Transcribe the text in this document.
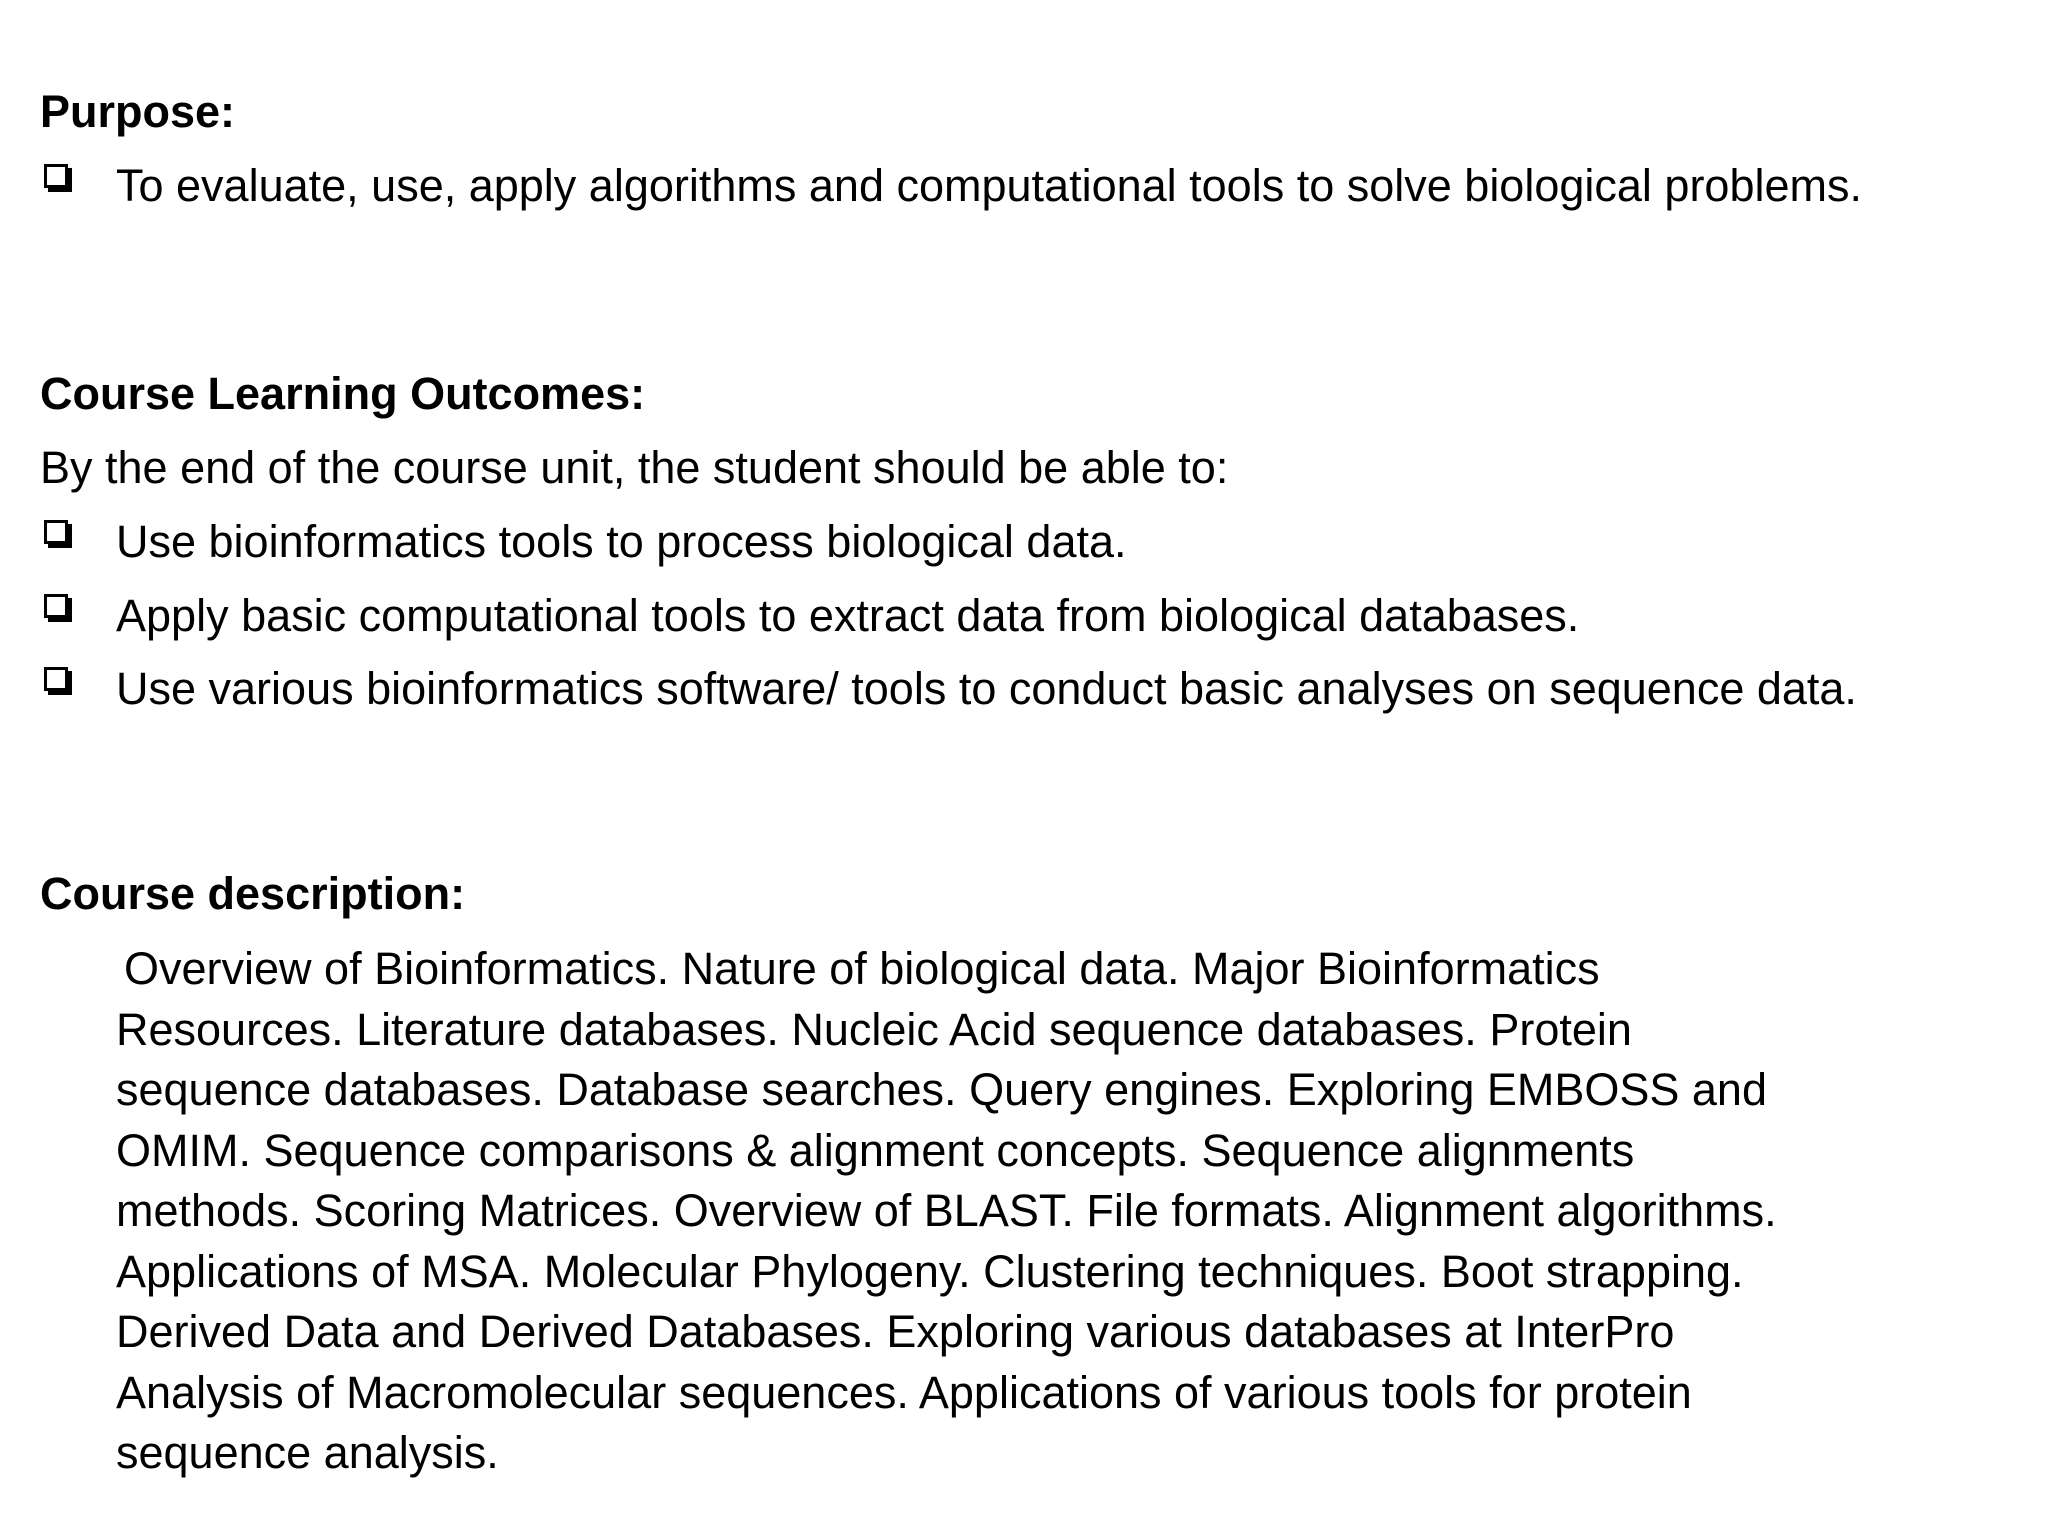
Purpose:
To evaluate, use, apply algorithms and computational tools to solve biological problems.
Course Learning Outcomes:

By the end of the course unit, the student should be able to:

Use bioinformatics tools to process biological data.
Apply basic computational tools to extract data from biological databases.
Use various bioinformatics software/ tools to conduct basic analyses on sequence data.
Course description:
Overview of Bioinformatics. Nature of biological data. Major Bioinformatics
Resources. Literature databases. Nucleic Acid sequence databases. Protein
sequence databases. Database searches. Query engines. Exploring EMBOSS and
OMIM. Sequence comparisons & alignment concepts. Sequence alignments
methods. Scoring Matrices. Overview of BLAST. File formats. Alignment algorithms.
Applications of MSA. Molecular Phylogeny. Clustering techniques. Boot strapping.
Derived Data and Derived Databases. Exploring various databases at InterPro
Analysis of Macromolecular sequences. Applications of various tools for protein
sequence analysis.
